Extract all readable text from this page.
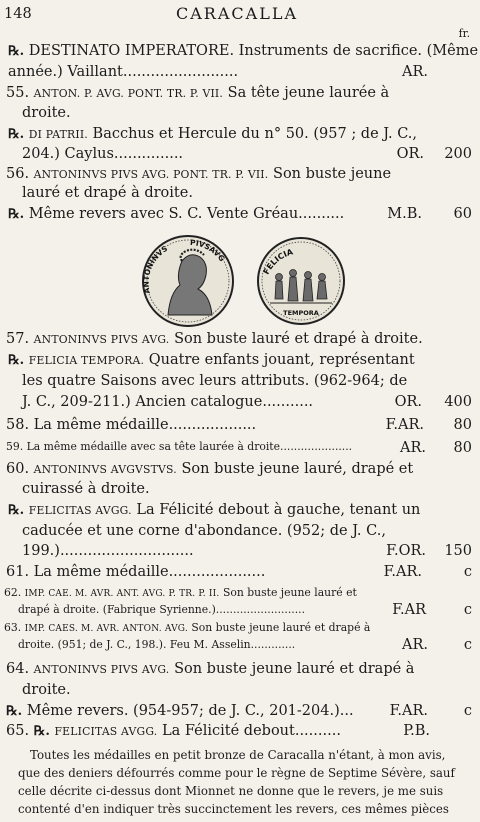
148	CARACALLA
fr.
℞. DESTINATO IMPERATORE. Instruments de sacrifice. (Même
année.) Vaillant.........................	AR.
55. ANTON. P. AVG. PONT. TR. P. VII. Sa tête jeune laurée à
droite.
℞. DI PATRII. Bacchus et Hercule du n° 50. (957 ; de J. C.,
204.) Caylus...............	OR. 200
56. ANTONINVS PIVS AVG. PONT. TR. P. VII. Son buste jeune
lauré et drapé à droite.
℞. Même revers avec S. C. Vente Gréau..........	M.B. 60
ANTONINVS
PIVSAVG
FELICIA
TEMPORA
57. ANTONINVS PIVS AVG. Son buste lauré et drapé à droite.
℞. FELICIA TEMPORA. Quatre enfants jouant, représentant
les quatre Saisons avec leurs attributs. (962-964; de
J. C., 209-211.) Ancien catalogue...........	OR. 400
58. La même médaille...................	F.AR. 80
59. La même médaille avec sa tête laurée à droite.....................	AR. 80
60. ANTONINVS AVGVSTVS. Son buste jeune lauré, drapé et
cuirassé à droite.
℞. FELICITAS AVGG. La Félicité debout à gauche, tenant un
caducée et une corne d'abondance. (952; de J. C.,
199.).............................	F.OR. 150
61. La même médaille.....................	F.AR.	c
62. IMP. CAE. M. AVR. ANT. AVG. P. TR. P. II. Son buste jeune lauré et
drapé à droite. (Fabrique Syrienne.)..........................	F.AR	c
63. IMP. CAES. M. AVR. ANTON. AVG. Son buste jeune lauré et drapé à
droite. (951; de J. C., 198.). Feu M. Asselin.............	AR. c
64. ANTONINVS PIVS AVG. Son buste jeune lauré et drapé à
droite.
℞. Même revers. (954-957; de J. C., 201-204.)... F.AR. c
65. ℞. FELICITAS AVGG. La Félicité debout..........	P.B.
Toutes les médailles en petit bronze de Caracalla n'étant, à mon avis,
que des deniers défourrés comme pour le règne de Septime Sévère, sauf
celle décrite ci-dessus dont Mionnet ne donne que le revers, je me suis
contenté d'en indiquer très succinctement les revers, ces mêmes pièces
